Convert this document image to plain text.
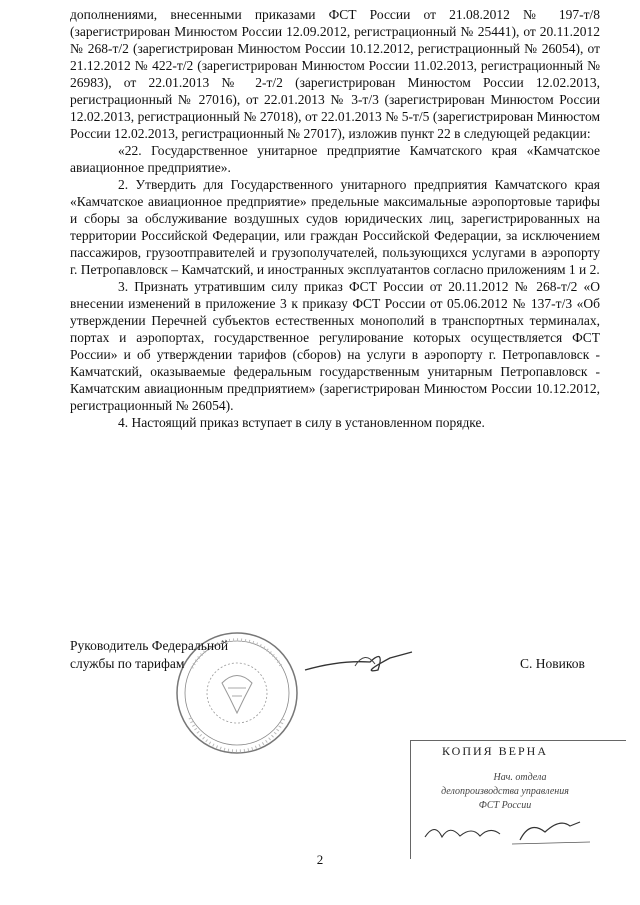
дополнениями, внесенными приказами ФСТ России от 21.08.2012 № 197-т/8 (зарегистрирован Минюстом России 12.09.2012, регистрационный № 25441), от 20.11.2012 № 268-т/2 (зарегистрирован Минюстом России 10.12.2012, регистрационный № 26054), от 21.12.2012 № 422-т/2 (зарегистрирован Минюстом России 11.02.2013, регистрационный № 26983), от 22.01.2013 № 2-т/2 (зарегистрирован Минюстом России 12.02.2013, регистрационный № 27016), от 22.01.2013 № 3-т/3 (зарегистрирован Минюстом России 12.02.2013, регистрационный № 27018), от 22.01.2013 № 5-т/5 (зарегистрирован Минюстом России 12.02.2013, регистрационный № 27017), изложив пункт 22 в следующей редакции:

«22. Государственное унитарное предприятие Камчатского края «Камчатское авиационное предприятие».

2. Утвердить для Государственного унитарного предприятия Камчатского края «Камчатское авиационное предприятие» предельные максимальные аэропортовые тарифы и сборы за обслуживание воздушных судов юридических лиц, зарегистрированных на территории Российской Федерации, или граждан Российской Федерации, за исключением пассажиров, грузоотправителей и грузополучателей, пользующихся услугами в аэропорту г. Петропавловск – Камчатский, и иностранных эксплуатантов согласно приложениям 1 и 2.

3. Признать утратившим силу приказ ФСТ России от 20.11.2012 № 268-т/2 «О внесении изменений в приложение 3 к приказу ФСТ России от 05.06.2012 № 137-т/3 «Об утверждении Перечней субъектов естественных монополий в транспортных терминалах, портах и аэропортах, государственное регулирование которых осуществляется ФСТ России» и об утверждении тарифов (сборов) на услуги в аэропорту г. Петропавловск - Камчатский, оказываемые федеральным государственным унитарным Петропавловск - Камчатским авиационным предприятием» (зарегистрирован Минюстом России 10.12.2012, регистрационный № 26054).

4. Настоящий приказ вступает в силу в установленном порядке.

Руководитель Федеральной
службы по тарифам	С. Новиков
КОПИЯ ВЕРНА
Нач. отдела
делопроизводства управления
ФСТ России
2
